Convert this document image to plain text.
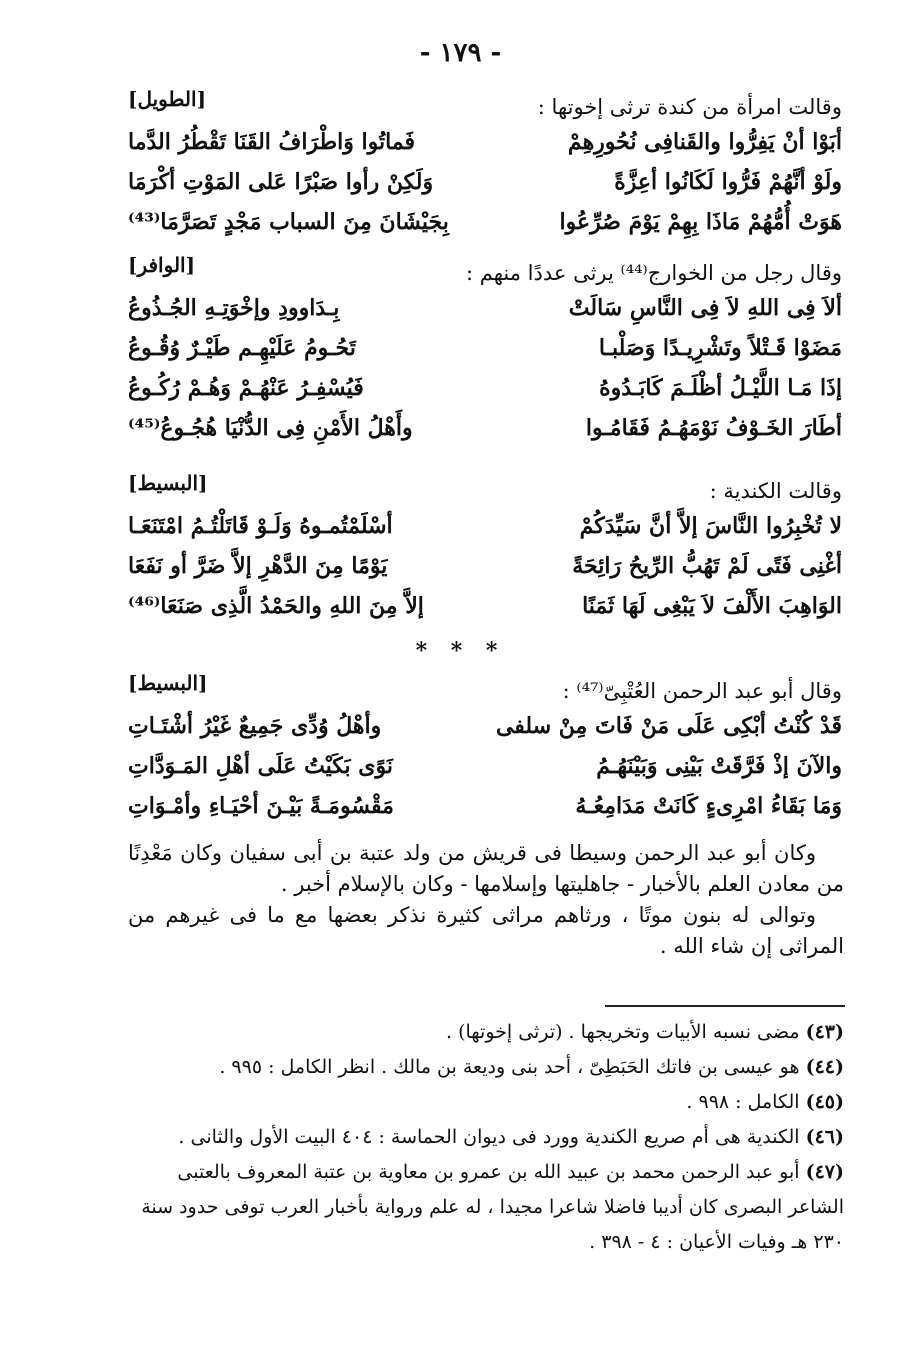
- ١٧٩ -
وقالت امرأة من كندة ترثى إخوتها :
[الطويل]
أبَوْا أنْ يَفِرُّوا والقَنافِى نُحُورِهِمْ
فَماتُوا وَاطْرَافُ القَنَا تَقْطُرُ الدَّما
ولَوْ أنَّهُمْ فَرُّوا لَكَانُوا أعِزَّةً
وَلَكِنْ رأوا صَبْرًا عَلى المَوْتِ أكْرَمَا
هَوَتْ أُمُّهُمْ مَاذَا بِهِمْ يَوْمَ صُرِّعُوا
بِجَيْشَانَ مِنَ السباب مَجْدٍ تَصَرَّمَا⁽⁴³⁾
وقال رجل من الخوارج⁽⁴⁴⁾ يرثى عددًا منهم :
[الوافر]
ألاَ فِى اللهِ لاَ فِى النَّاسِ سَالَتْ
بِـدَاوودِ وإخْوَتِـهِ الجُـذُوعُ
مَضَوْا قَـتْلاً وتَشْرِيـدًا وَصَلْبـا
تَحُـومُ عَلَيْهِـم طَيْـرٌ وُقُـوعُ
إذَا مَـا اللَّيْـلُ أظْلَـمَ كَابَـدُوهُ
فَيُسْفِـرُ عَنْهُـمْ وَهُـمْ رُكُـوعُ
أطَارَ الخَـوْفُ نَوْمَهُـمُ فَقَامُـوا
وأَهْلُ الأَمْنِ فِى الدُّنْيَا هُجُـوعُ⁽⁴⁵⁾
وقالت الكندية :
[البسيط]
لا تُخْبِرُوا النَّاسَ إلاَّ أنَّ سَيِّدَكُمْ
أسْلَمْتُمـوهُ وَلَـوْ قَاتَلْتُـمُ امْتَنَعَـا
أغْنِى فَتًى لَمْ تَهُبُّ الرِّيحُ رَائِحَةً
يَوْمًا مِنَ الدَّهْرِ إلاَّ ضَرَّ أو نَفَعَا
الوَاهِبَ الأَلْفَ لاَ يَبْغِى لَهَا ثَمَنًا
إلاَّ مِنَ اللهِ والحَمْدُ الَّذِى صَنَعَا⁽⁴⁶⁾
* * *
وقال أبو عبد الرحمن العُتْبِىّ⁽⁴⁷⁾ :
[البسيط]
قَدْ كُنْتُ أبْكِى عَلَى مَنْ فَاتَ مِنْ سلفى
وأهْلُ وُدِّى جَمِيعٌ غَيْرُ أشْتَـاتِ
والآنَ إذْ فَرَّقَتْ بَيْنِى وَبَيْنَهُـمُ
نَوًى بَكَيْتُ عَلَى أهْلِ المَـوَدَّاتِ
وَمَا بَقَاءُ امْرِىءٍ كَانَتْ مَدَامِعُـهُ
مَقْسُومَـةً بَيْـنَ أحْيَـاءِ وأمْـوَاتِ

وكان أبو عبد الرحمن وسيطا فى قريش من ولد عتبة بن أبى سفيان وكان مَعْدِنًا من معادن العلم بالأخبار - جاهليتها وإسلامها - وكان بالإسلام أخبر .

وتوالى له بنون موتًا ، ورثاهم مراثى كثيرة نذكر بعضها مع ما فى غيرهم من المراثى إن شاء الله .

(٤٣) مضى نسبه الأبيات وتخريجها . (ترثى إخوتها) .

(٤٤) هو عيسى بن فاتك الحَبَطِىّ ، أحد بنى وديعة بن مالك . انظر الكامل : ٩٩٥ .

(٤٥) الكامل : ٩٩٨ .

(٤٦) الكندية هى أم صريع الكندية وورد فى ديوان الحماسة : ٤٠٤ البيت الأول والثانى .

(٤٧) أبو عبد الرحمن محمد بن عبيد الله بن عمرو بن معاوية بن عتبة المعروف بالعتبى الشاعر البصرى كان أديبا فاضلا شاعرا مجيدا ، له علم ورواية بأخبار العرب توفى حدود سنة ٢٣٠ هـ وفيات الأعيان : ٤ - ٣٩٨ .
